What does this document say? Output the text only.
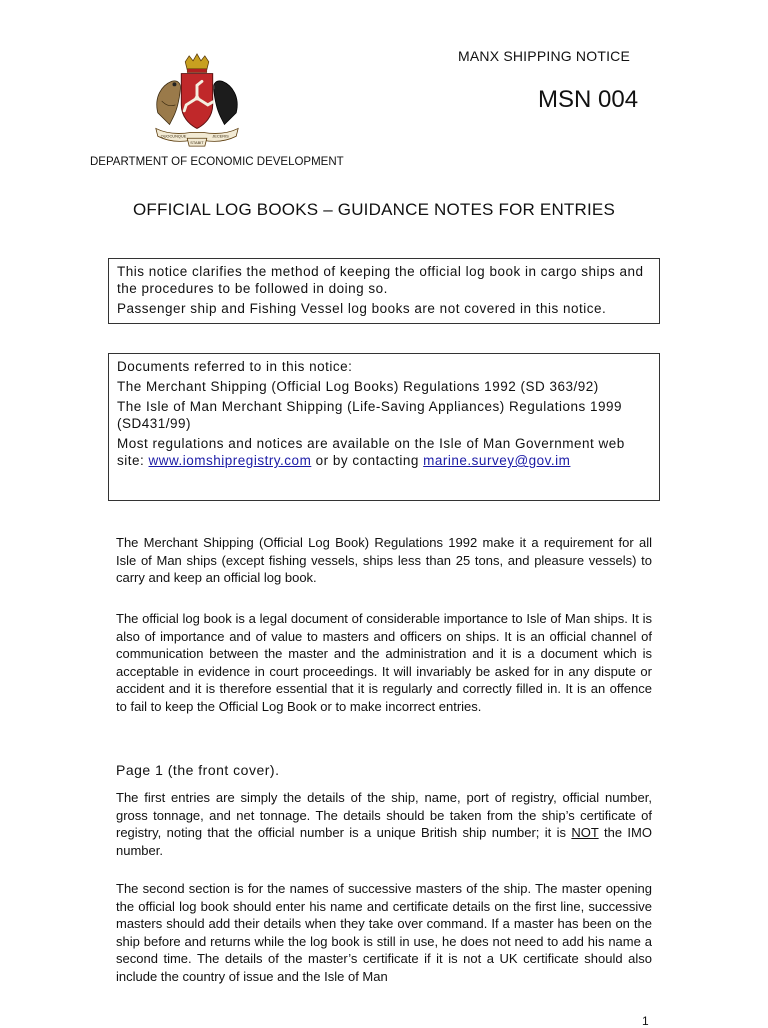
QUOCUNQUE	JECERIS
STABIT
MANX SHIPPING NOTICE
MSN 004
DEPARTMENT OF ECONOMIC DEVELOPMENT
OFFICIAL LOG BOOKS – GUIDANCE NOTES FOR ENTRIES

This notice clarifies the method of keeping the official log book in cargo ships and the procedures to be followed in doing so.

Passenger ship and Fishing Vessel log books are not covered in this notice.

Documents referred to in this notice:

The Merchant Shipping (Official Log Books) Regulations 1992 (SD 363/92)

The Isle of Man Merchant Shipping (Life-Saving Appliances) Regulations 1999 (SD431/99)

Most regulations and notices are available on the Isle of Man Government web site: www.iomshipregistry.com or by contacting marine.survey@gov.im

The Merchant Shipping (Official Log Book) Regulations 1992 make it a requirement for all Isle of Man ships (except fishing vessels, ships less than 25 tons, and pleasure vessels) to carry and keep an official log book.

The official log book is a legal document of considerable importance to Isle of Man ships. It is also of importance and of value to masters and officers on ships. It is an official channel of communication between the master and the administration and it is a document which is acceptable in evidence in court proceedings. It will invariably be asked for in any dispute or accident and it is therefore essential that it is regularly and correctly filled in. It is an offence to fail to keep the Official Log Book or to make incorrect entries.

Page 1 (the front cover).

The first entries are simply the details of the ship, name, port of registry, official number, gross tonnage, and net tonnage. The details should be taken from the ship’s certificate of registry, noting that the official number is a unique British ship number; it is NOT the IMO number.

The second section is for the names of successive masters of the ship. The master opening the official log book should enter his name and certificate details on the first line, successive masters should add their details when they take over command. If a master has been on the ship before and returns while the log book is still in use, he does not need to add his name a second time. The details of the master’s certificate if it is not a UK certificate should also include the country of issue and the Isle of Man

1
